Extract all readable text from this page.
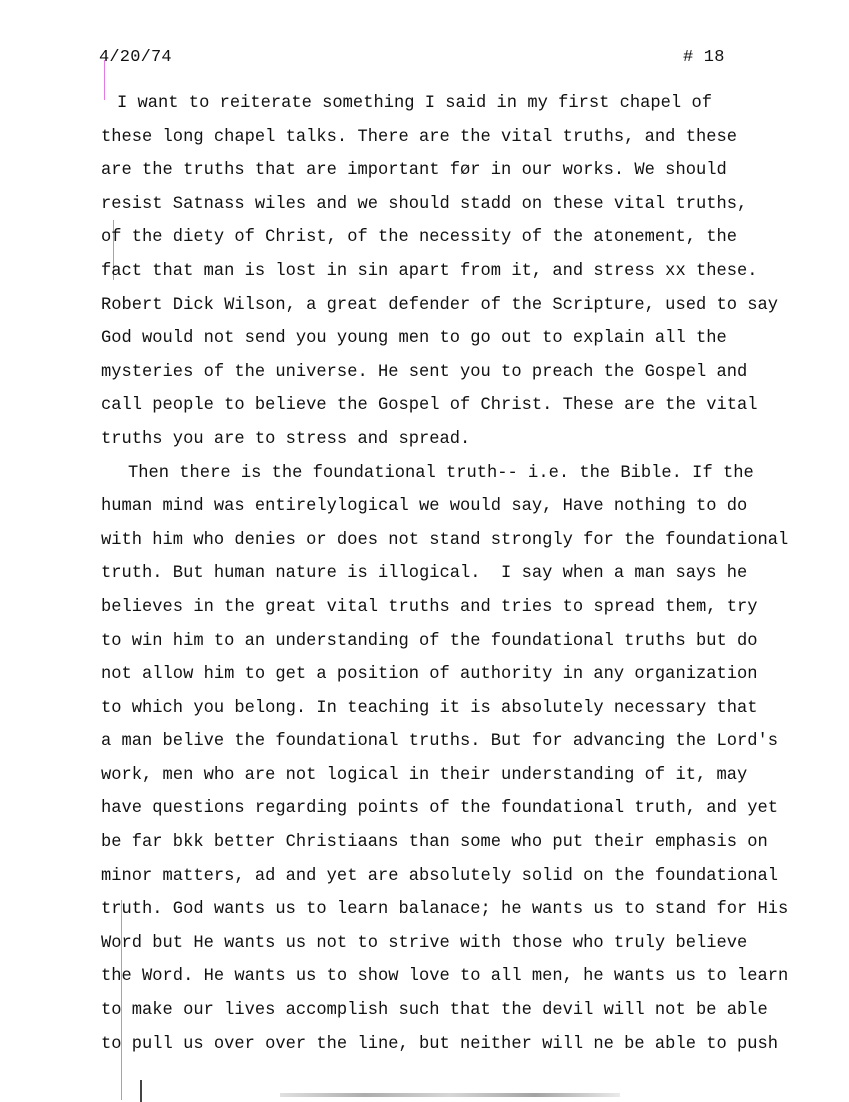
4/20/74	# 18
I want to reiterate something I said in my first chapel of
these long chapel talks. There are the vital truths, and these
are the truths that are important før in our works. We should
resist Satnass wiles and we should stadd on these vital truths,
of the diety of Christ, of the necessity of the atonement, the
fact that man is lost in sin apart from it, and stress xx these.
Robert Dick Wilson, a great defender of the Scripture, used to say
God would not send you young men to go out to explain all the
mysteries of the universe. He sent you to preach the Gospel and
call people to believe the Gospel of Christ. These are the vital
truths you are to stress and spread.
Then there is the foundational truth-- i.e. the Bible. If the
human mind was entirelylogical we would say, Have nothing to do
with him who denies or does not stand strongly for the foundational
truth. But human nature is illogical.  I say when a man says he
believes in the great vital truths and tries to spread them, try
to win him to an understanding of the foundational truths but do
not allow him to get a position of authority in any organization
to which you belong. In teaching it is absolutely necessary that
a man belive the foundational truths. But for advancing the Lord's
work, men who are not logical in their understanding of it, may
have questions regarding points of the foundational truth, and yet
be far bkk better Christiaans than some who put their emphasis on
minor matters, ad and yet are absolutely solid on the foundational
truth. God wants us to learn balanace; he wants us to stand for His
Word but He wants us not to strive with those who truly believe
the Word. He wants us to show love to all men, he wants us to learn
to make our lives accomplish such that the devil will not be able
to pull us over over the line, but neither will ne be able to push
